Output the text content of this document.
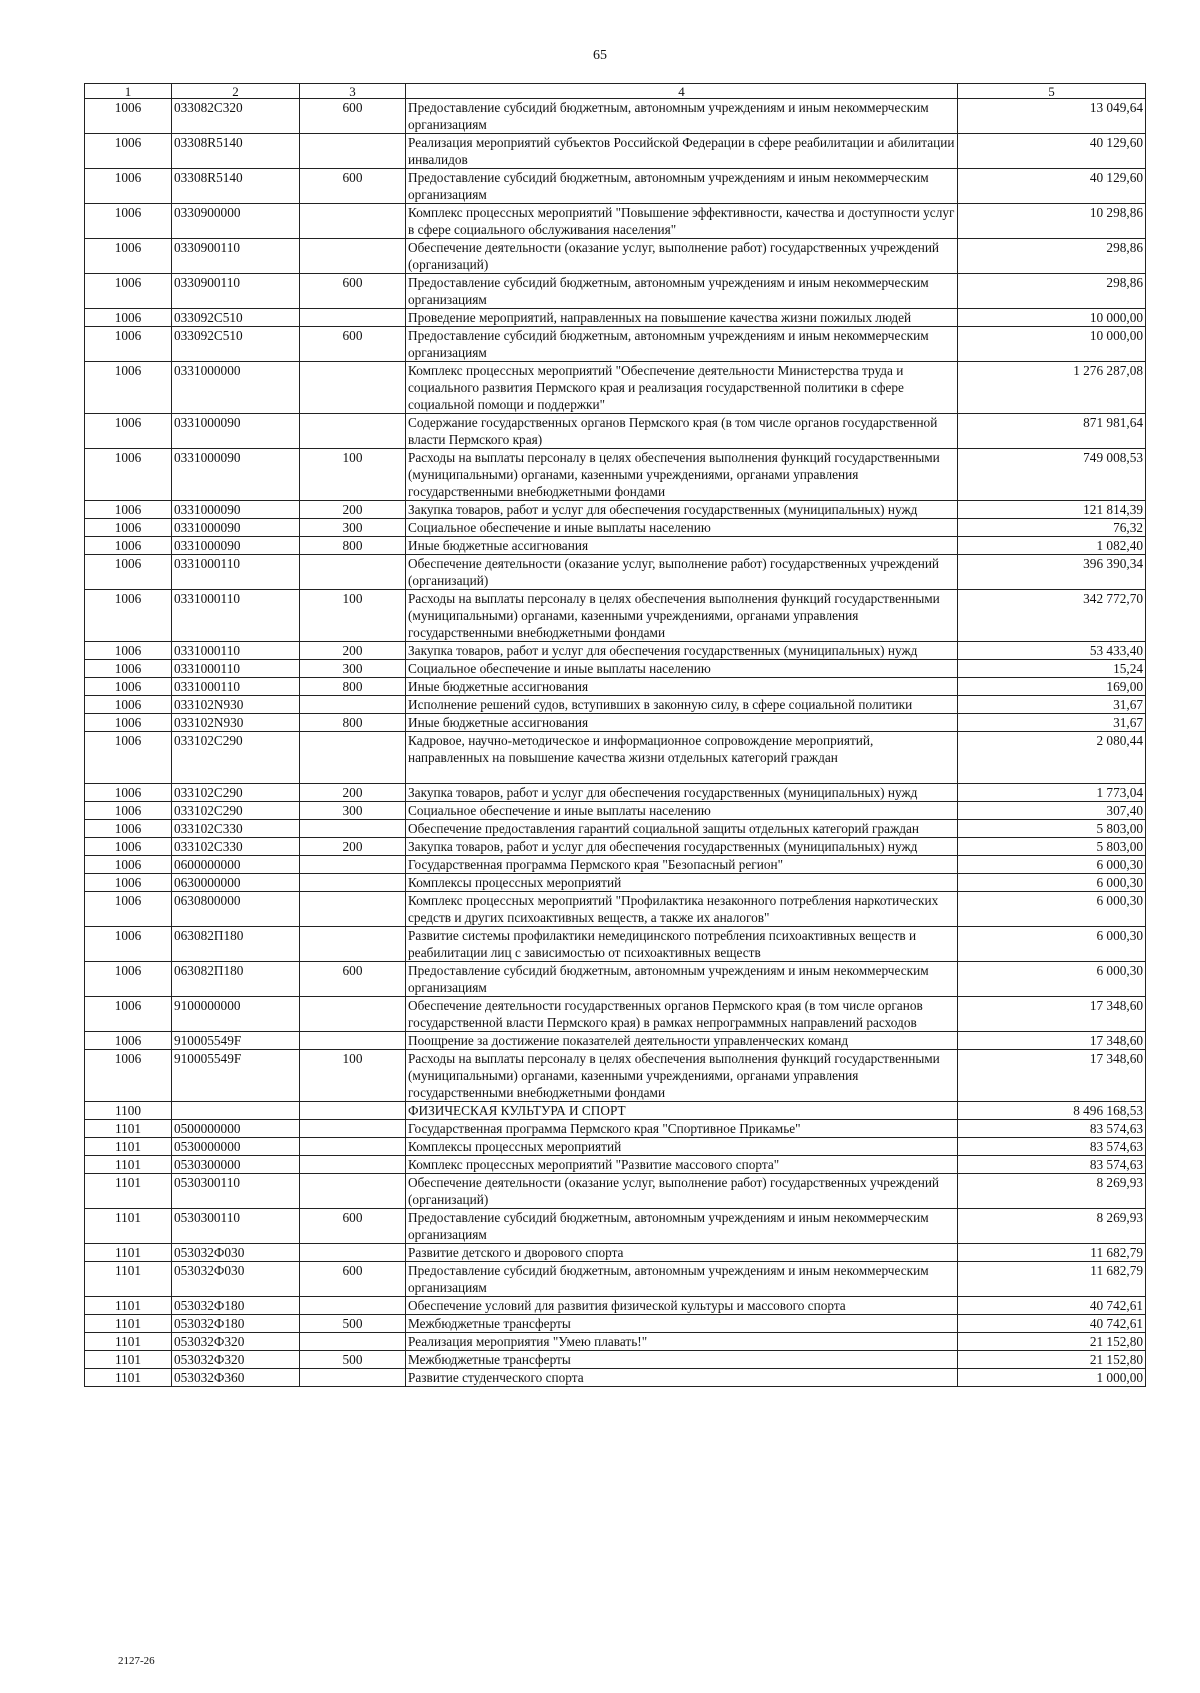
65
1	2	3	4	5
1006	033082С320	600	Предоставление субсидий бюджетным, автономным учреждениям и иным некоммерческим организациям	13 049,64
1006	03308R5140		Реализация мероприятий субъектов Российской Федерации в сфере реабилитации и абилитации инвалидов	40 129,60
1006	03308R5140	600	Предоставление субсидий бюджетным, автономным учреждениям и иным некоммерческим организациям	40 129,60
1006	0330900000		Комплекс процессных мероприятий "Повышение эффективности, качества и доступности услуг в сфере социального обслуживания населения"	10 298,86
1006	0330900110		Обеспечение деятельности (оказание услуг, выполнение работ) государственных учреждений (организаций)	298,86
1006	0330900110	600	Предоставление субсидий бюджетным, автономным учреждениям и иным некоммерческим организациям	298,86
1006	033092С510		Проведение мероприятий, направленных на повышение качества жизни пожилых людей	10 000,00
1006	033092С510	600	Предоставление субсидий бюджетным, автономным учреждениям и иным некоммерческим организациям	10 000,00
1006	0331000000		Комплекс процессных мероприятий "Обеспечение деятельности Министерства труда и социального развития Пермского края и реализация государственной политики в сфере социальной помощи и поддержки"	1 276 287,08
1006	0331000090		Содержание государственных органов Пермского края (в том числе органов государственной власти Пермского края)	871 981,64
1006	0331000090	100	Расходы на выплаты персоналу в целях обеспечения выполнения функций государственными (муниципальными) органами, казенными учреждениями, органами управления государственными внебюджетными фондами	749 008,53
1006	0331000090	200	Закупка товаров, работ и услуг для обеспечения государственных (муниципальных) нужд	121 814,39
1006	0331000090	300	Социальное обеспечение и иные выплаты населению	76,32
1006	0331000090	800	Иные бюджетные ассигнования	1 082,40
1006	0331000110		Обеспечение деятельности (оказание услуг, выполнение работ) государственных учреждений (организаций)	396 390,34
1006	0331000110	100	Расходы на выплаты персоналу в целях обеспечения выполнения функций государственными (муниципальными) органами, казенными учреждениями, органами управления государственными внебюджетными фондами	342 772,70
1006	0331000110	200	Закупка товаров, работ и услуг для обеспечения государственных (муниципальных) нужд	53 433,40
1006	0331000110	300	Социальное обеспечение и иные выплаты населению	15,24
1006	0331000110	800	Иные бюджетные ассигнования	169,00
1006	033102N930		Исполнение решений судов, вступивших в законную силу, в сфере социальной политики	31,67
1006	033102N930	800	Иные бюджетные ассигнования	31,67
1006	033102С290		Кадровое, научно-методическое и информационное сопровождение мероприятий, направленных на повышение качества жизни отдельных категорий граждан	2 080,44
1006	033102С290	200	Закупка товаров, работ и услуг для обеспечения государственных (муниципальных) нужд	1 773,04
1006	033102С290	300	Социальное обеспечение и иные выплаты населению	307,40
1006	033102С330		Обеспечение предоставления гарантий социальной защиты отдельных категорий граждан	5 803,00
1006	033102С330	200	Закупка товаров, работ и услуг для обеспечения государственных (муниципальных) нужд	5 803,00
1006	0600000000		Государственная программа Пермского края "Безопасный регион"	6 000,30
1006	0630000000		Комплексы процессных мероприятий	6 000,30
1006	0630800000		Комплекс процессных мероприятий "Профилактика незаконного потребления наркотических средств и других психоактивных веществ, а также их аналогов"	6 000,30
1006	063082П180		Развитие системы профилактики немедицинского потребления психоактивных веществ и реабилитации лиц с зависимостью от психоактивных веществ	6 000,30
1006	063082П180	600	Предоставление субсидий бюджетным, автономным учреждениям и иным некоммерческим организациям	6 000,30
1006	9100000000		Обеспечение деятельности государственных органов Пермского края (в том числе органов государственной власти Пермского края) в рамках непрограммных направлений расходов	17 348,60
1006	910005549F		Поощрение за достижение показателей деятельности управленческих команд	17 348,60
1006	910005549F	100	Расходы на выплаты персоналу в целях обеспечения выполнения функций государственными (муниципальными) органами, казенными учреждениями, органами управления государственными внебюджетными фондами	17 348,60
1100			ФИЗИЧЕСКАЯ КУЛЬТУРА И СПОРТ	8 496 168,53
1101	0500000000		Государственная программа Пермского края "Спортивное Прикамье"	83 574,63
1101	0530000000		Комплексы процессных мероприятий	83 574,63
1101	0530300000		Комплекс процессных мероприятий "Развитие массового спорта"	83 574,63
1101	0530300110		Обеспечение деятельности (оказание услуг, выполнение работ) государственных учреждений (организаций)	8 269,93
1101	0530300110	600	Предоставление субсидий бюджетным, автономным учреждениям и иным некоммерческим организациям	8 269,93
1101	053032Ф030		Развитие детского и дворового спорта	11 682,79
1101	053032Ф030	600	Предоставление субсидий бюджетным, автономным учреждениям и иным некоммерческим организациям	11 682,79
1101	053032Ф180		Обеспечение условий для развития физической культуры и массового спорта	40 742,61
1101	053032Ф180	500	Межбюджетные трансферты	40 742,61
1101	053032Ф320		Реализация мероприятия "Умею плавать!"	21 152,80
1101	053032Ф320	500	Межбюджетные трансферты	21 152,80
1101	053032Ф360		Развитие студенческого спорта	1 000,00
2127-26
